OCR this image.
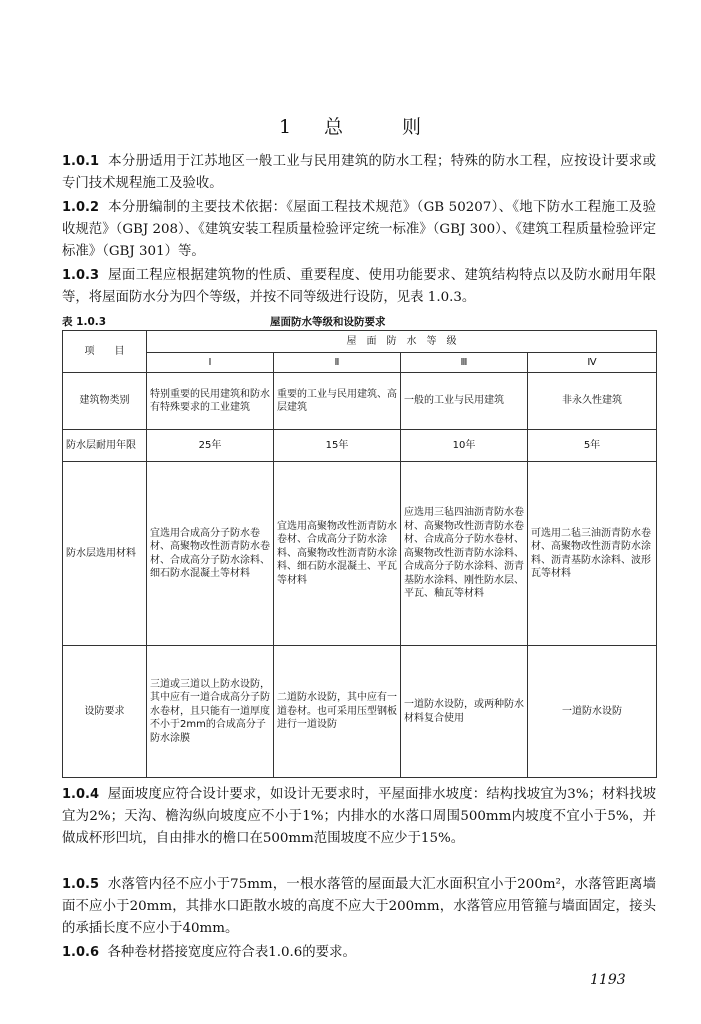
1 总	则
1.0.1 本分册适用于江苏地区一般工业与民用建筑的防水工程；特殊的防水工程，应按设计要求或专门技术规程施工及验收。
1.0.2 本分册编制的主要技术依据：《屋面工程技术规范》（GB 50207）、《地下防水工程施工及验收规范》（GBJ 208）、《建筑安装工程质量检验评定统一标准》（GBJ 300）、《建筑工程质量检验评定标准》（GBJ 301）等。
1.0.3 屋面工程应根据建筑物的性质、重要程度、使用功能要求、建筑结构特点以及防水耐用年限等，将屋面防水分为四个等级，并按不同等级进行设防，见表 1.0.3。
表 1.0.3	屋面防水等级和设防要求
项　　目	屋　面　防　水　等　级			
	Ⅰ	Ⅱ	Ⅲ	Ⅳ
建筑物类别	特别重要的民用建筑和防水有特殊要求的工业建筑	重要的工业与民用建筑、高层建筑	一般的工业与民用建筑	非永久性建筑
防水层耐用年限	25年	15年	10年	5年
防水层选用材料	宜选用合成高分子防水卷材、高聚物改性沥青防水卷材、合成高分子防水涂料、细石防水混凝土等材料	宜选用高聚物改性沥青防水卷材、合成高分子防水涂料、高聚物改性沥青防水涂料、细石防水混凝土、平瓦等材料	应选用三毡四油沥青防水卷材、高聚物改性沥青防水卷材、合成高分子防水卷材、高聚物改性沥青防水涂料、合成高分子防水涂料、沥青基防水涂料、刚性防水层、平瓦、釉瓦等材料	可选用二毡三油沥青防水卷材、高聚物改性沥青防水涂料、沥青基防水涂料、波形瓦等材料
设防要求	三道或三道以上防水设防，其中应有一道合成高分子防水卷材，且只能有一道厚度不小于2mm的合成高分子防水涂膜	二道防水设防，其中应有一道卷材。也可采用压型钢板进行一道设防	一道防水设防，或两种防水材料复合使用	一道防水设防
1.0.4 屋面坡度应符合设计要求，如设计无要求时，平屋面排水坡度：结构找坡宜为3%；材料找坡宜为2%；天沟、檐沟纵向坡度应不小于1%；内排水的水落口周围500mm内坡度不宜小于5%，并做成杯形凹坑，自由排水的檐口在500mm范围坡度不应少于15%。
1.0.5 水落管内径不应小于75mm，一根水落管的屋面最大汇水面积宜小于200m²，水落管距离墙面不应小于20mm，其排水口距散水坡的高度不应大于200mm，水落管应用管箍与墙面固定，接头的承插长度不应小于40mm。
1.0.6 各种卷材搭接宽度应符合表1.0.6的要求。
1193
